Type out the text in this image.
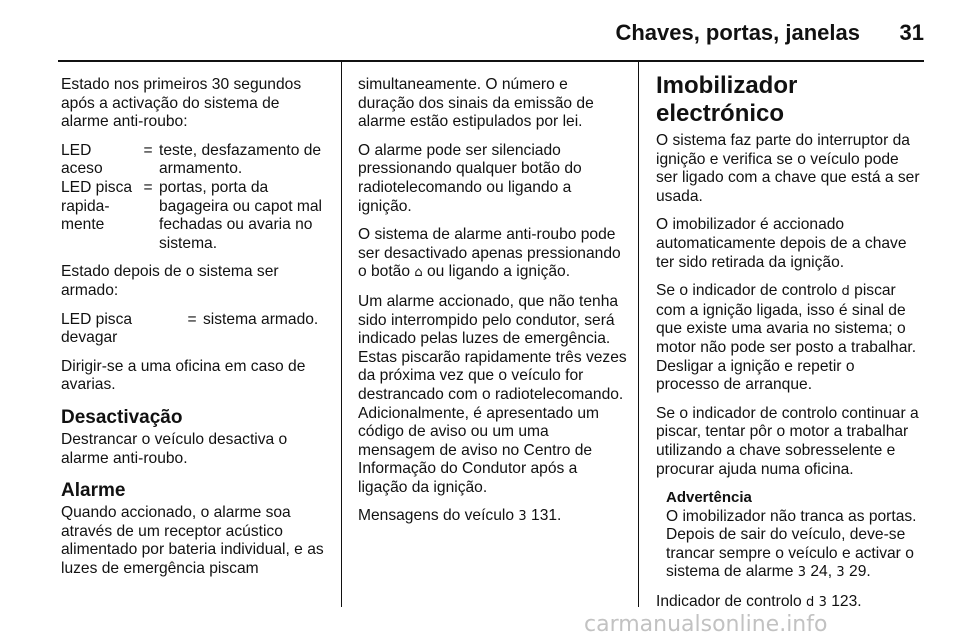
Chaves, portas, janelas 31

Estado nos primeiros 30 segundos após a activação do sistema de alarme anti-roubo:

LED aceso
= teste, desfazamento de armamento.
LED pisca rapida-mente
= portas, porta da bagageira ou capot mal fechadas ou avaria no sistema.

Estado depois de o sistema ser armado:

LED pisca devagar
= sistema armado.

Dirigir-se a uma oficina em caso de avarias.

Desactivação

Destrancar o veículo desactiva o alarme anti-roubo.

Alarme

Quando accionado, o alarme soa através de um receptor acústico alimentado por bateria individual, e as luzes de emergência piscam

simultaneamente. O número e duração dos sinais da emissão de alarme estão estipulados por lei.

O alarme pode ser silenciado pressionando qualquer botão do radiotelecomando ou ligando a ignição.

O sistema de alarme anti-roubo pode ser desactivado apenas pressionando o botão ⌂ ou ligando a ignição.

Um alarme accionado, que não tenha sido interrompido pelo condutor, será indicado pelas luzes de emergência. Estas piscarão rapidamente três vezes da próxima vez que o veículo for destrancado com o radiotelecomando. Adicionalmente, é apresentado um código de aviso ou um uma mensagem de aviso no Centro de Informação do Condutor após a ligação da ignição.

Mensagens do veículo 3 131.

Imobilizador electrónico

O sistema faz parte do interruptor da ignição e verifica se o veículo pode ser ligado com a chave que está a ser usada.

O imobilizador é accionado automaticamente depois de a chave ter sido retirada da ignição.

Se o indicador de controlo d piscar com a ignição ligada, isso é sinal de que existe uma avaria no sistema; o motor não pode ser posto a trabalhar. Desligar a ignição e repetir o processo de arranque.

Se o indicador de controlo continuar a piscar, tentar pôr o motor a trabalhar utilizando a chave sobresselente e procurar ajuda numa oficina.

Advertência
O imobilizador não tranca as portas. Depois de sair do veículo, deve-se trancar sempre o veículo e activar o sistema de alarme 3 24, 3 29.

Indicador de controlo d 3 123.

carmanualsonline.info
